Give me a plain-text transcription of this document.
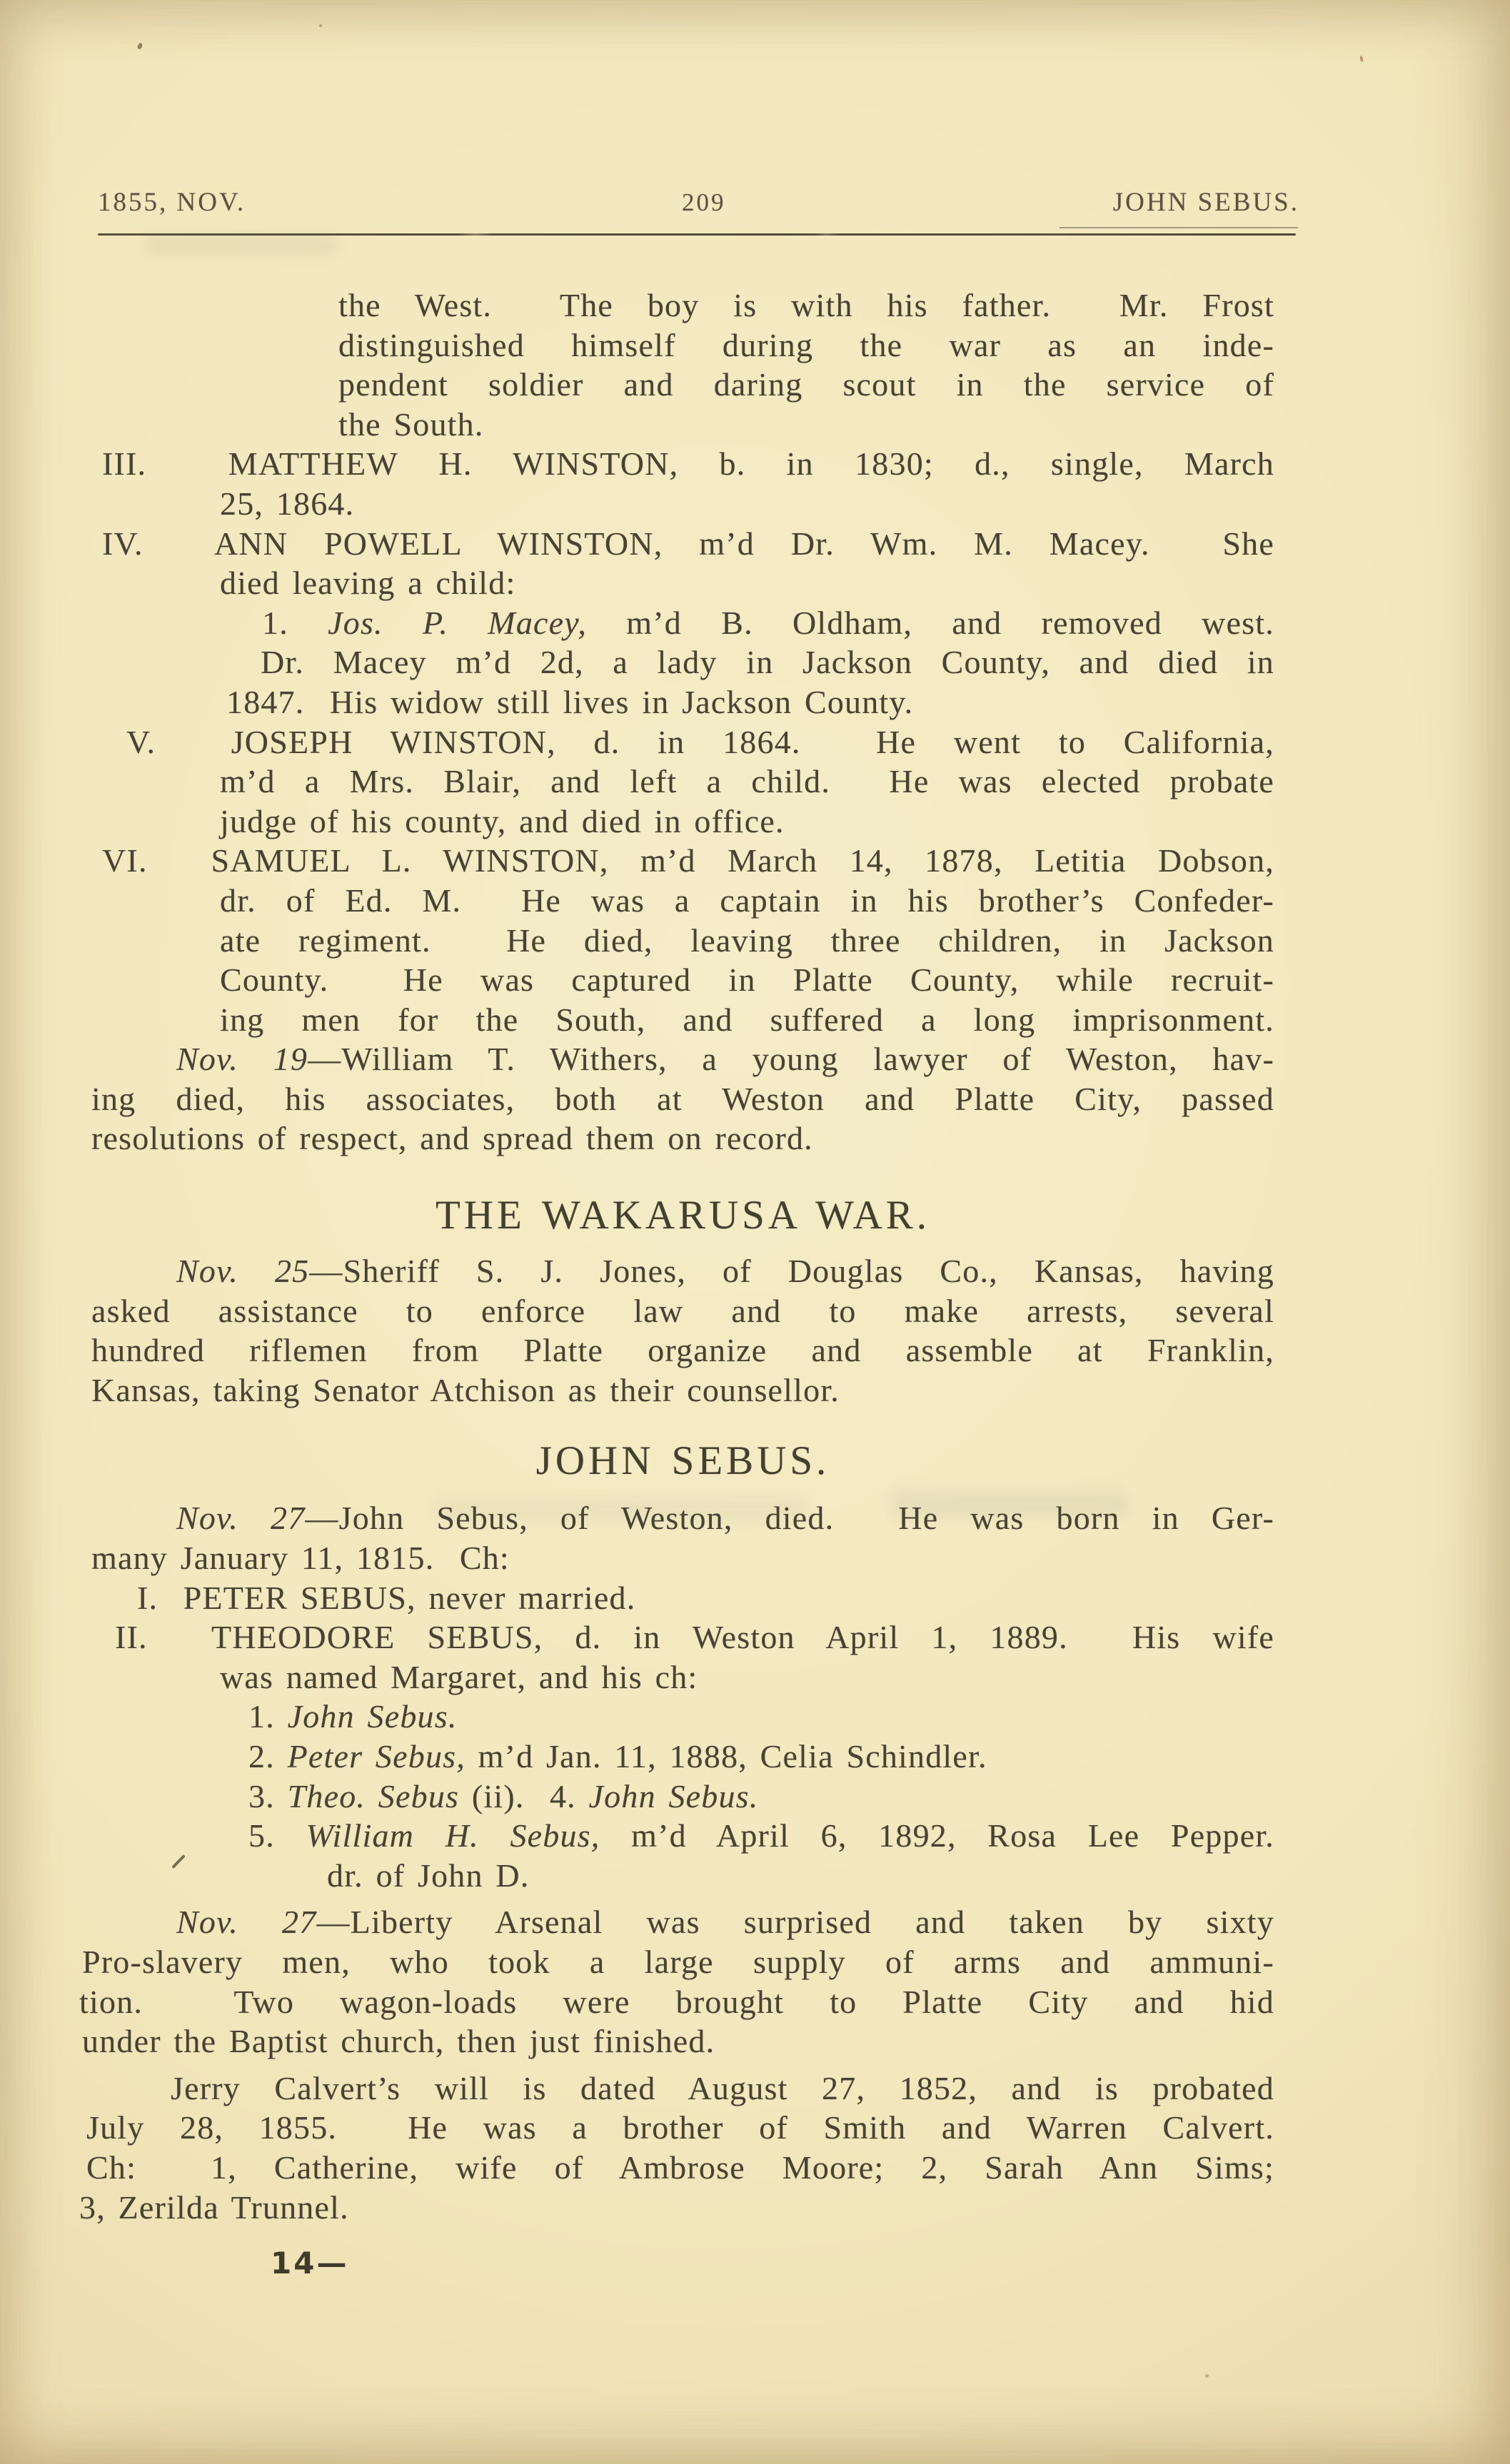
1855, NOV.	209	JOHN SEBUS.
the West.  The boy is with his father.  Mr. Frost
distinguished himself during the war as an inde-
pendent soldier and daring scout in the service of
the South.
III.  MATTHEW H. WINSTON, b. in 1830; d., single, March
25, 1864.
IV.  ANN POWELL WINSTON, m’d Dr. Wm. M. Macey.  She
died leaving a child:
1. Jos. P. Macey, m’d B. Oldham, and removed west.
Dr. Macey m’d 2d, a lady in Jackson County, and died in
1847.  His widow still lives in Jackson County.
V.  JOSEPH WINSTON, d. in 1864.  He went to California,
m’d a Mrs. Blair, and left a child.  He was elected probate
judge of his county, and died in office.
VI.  SAMUEL L. WINSTON, m’d March 14, 1878, Letitia Dobson,
dr. of Ed. M.  He was a captain in his brother’s Confeder-
ate regiment.  He died, leaving three children, in Jackson
County.  He was captured in Platte County, while recruit-
ing men for the South, and suffered a long imprisonment.
Nov. 19—William T. Withers, a young lawyer of Weston, hav-
ing died, his associates, both at Weston and Platte City, passed
resolutions of respect, and spread them on record.
THE WAKARUSA WAR.
Nov. 25—Sheriff S. J. Jones, of Douglas Co., Kansas, having
asked assistance to enforce law and to make arrests, several
hundred riflemen from Platte organize and assemble at Franklin,
Kansas, taking Senator Atchison as their counsellor.
JOHN SEBUS.
Nov. 27—John Sebus, of Weston, died.  He was born in Ger-
many January 11, 1815.  Ch:
I.  PETER SEBUS, never married.
II.  THEODORE SEBUS, d. in Weston April 1, 1889.  His wife
was named Margaret, and his ch:
1. John Sebus.
2. Peter Sebus, m’d Jan. 11, 1888, Celia Schindler.
3. Theo. Sebus (ii).  4. John Sebus.
5. William H. Sebus, m’d April 6, 1892, Rosa Lee Pepper.
dr. of John D.
Nov. 27—Liberty Arsenal was surprised and taken by sixty
Pro-slavery men, who took a large supply of arms and ammuni-
tion.  Two wagon-loads were brought to Platte City and hid
under the Baptist church, then just finished.
Jerry Calvert’s will is dated August 27, 1852, and is probated
July 28, 1855.  He was a brother of Smith and Warren Calvert.
Ch:  1, Catherine, wife of Ambrose Moore; 2, Sarah Ann Sims;
3, Zerilda Trunnel.
14—
